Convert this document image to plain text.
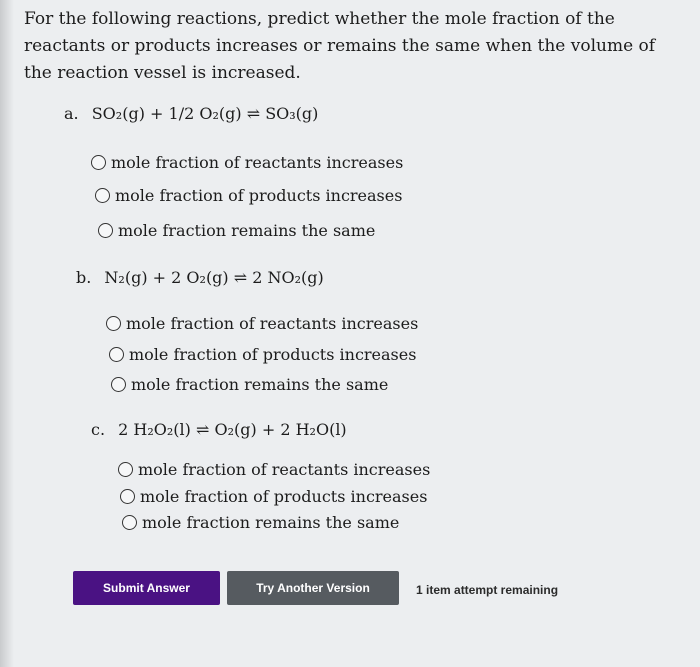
For the following reactions, predict whether the mole fraction of the reactants or products increases or remains the same when the volume of the reaction vessel is increased.
a. SO₂(g) + 1/2 O₂(g) ⇌ SO₃(g)
mole fraction of reactants increases
mole fraction of products increases
mole fraction remains the same
b. N₂(g) + 2 O₂(g) ⇌ 2 NO₂(g)
mole fraction of reactants increases
mole fraction of products increases
mole fraction remains the same
c. 2 H₂O₂(l) ⇌ O₂(g) + 2 H₂O(l)
mole fraction of reactants increases
mole fraction of products increases
mole fraction remains the same
Submit Answer	Try Another Version	1 item attempt remaining
